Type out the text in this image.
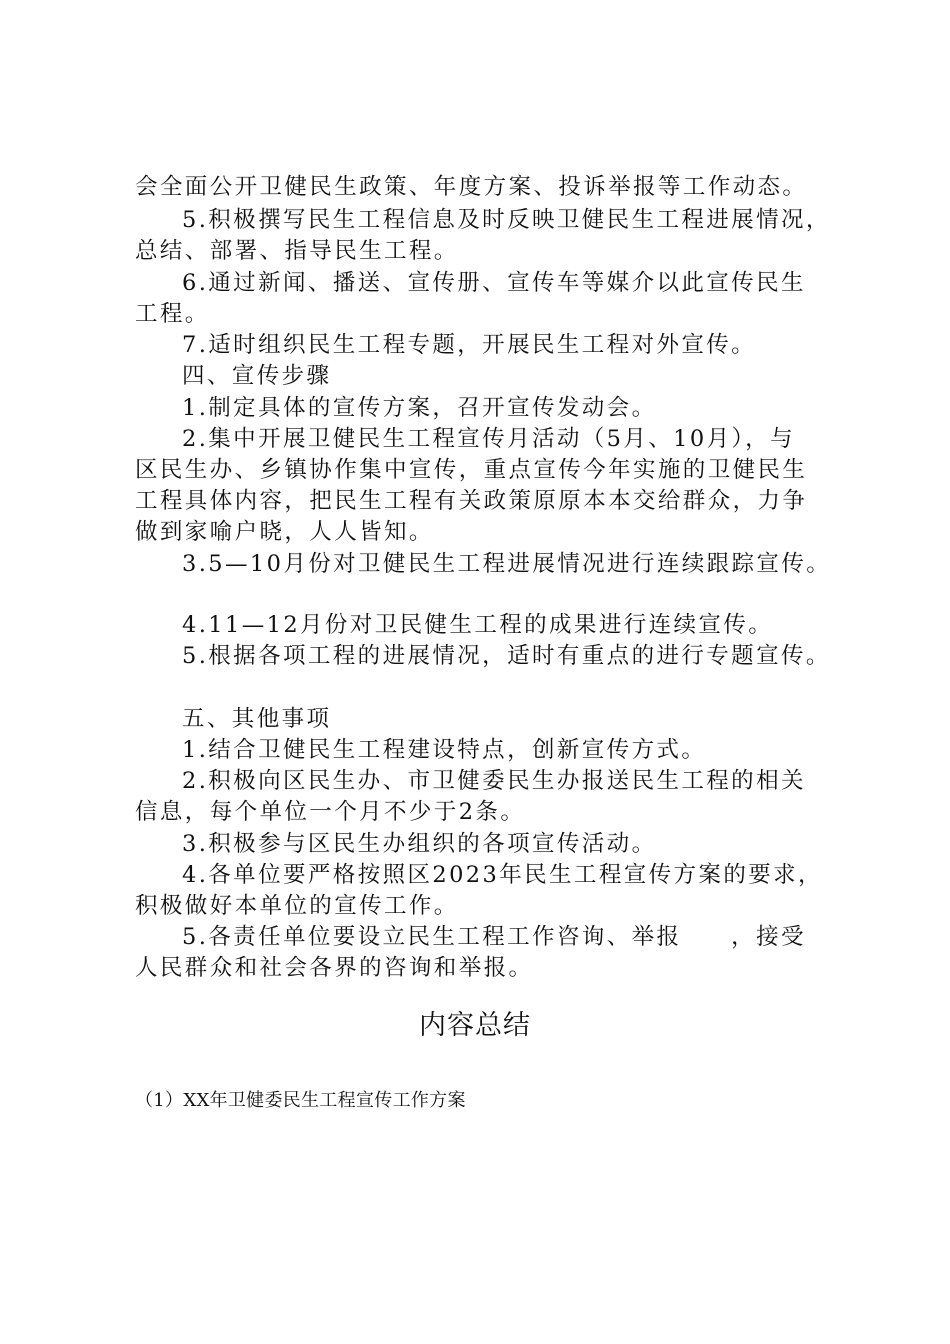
会全面公开卫健民生政策、年度方案、投诉举报等工作动态。
5.积极撰写民生工程信息及时反映卫健民生工程进展情况，
总结、部署、指导民生工程。
6.通过新闻、播送、宣传册、宣传车等媒介以此宣传民生
工程。
7.适时组织民生工程专题，开展民生工程对外宣传。
四、宣传步骤
1.制定具体的宣传方案，召开宣传发动会。
2.集中开展卫健民生工程宣传月活动（5月、10月），与
区民生办、乡镇协作集中宣传，重点宣传今年实施的卫健民生
工程具体内容，把民生工程有关政策原原本本交给群众，力争
做到家喻户晓，人人皆知。
3.5—10月份对卫健民生工程进展情况进行连续跟踪宣传。
4.11—12月份对卫民健生工程的成果进行连续宣传。
5.根据各项工程的进展情况，适时有重点的进行专题宣传。
五、其他事项
1.结合卫健民生工程建设特点，创新宣传方式。
2.积极向区民生办、市卫健委民生办报送民生工程的相关
信息，每个单位一个月不少于2条。
3.积极参与区民生办组织的各项宣传活动。
4.各单位要严格按照区2023年民生工程宣传方案的要求，
积极做好本单位的宣传工作。
5.各责任单位要设立民生工程工作咨询、举报　　，接受
人民群众和社会各界的咨询和举报。
内容总结
（1）XX年卫健委民生工程宣传工作方案
